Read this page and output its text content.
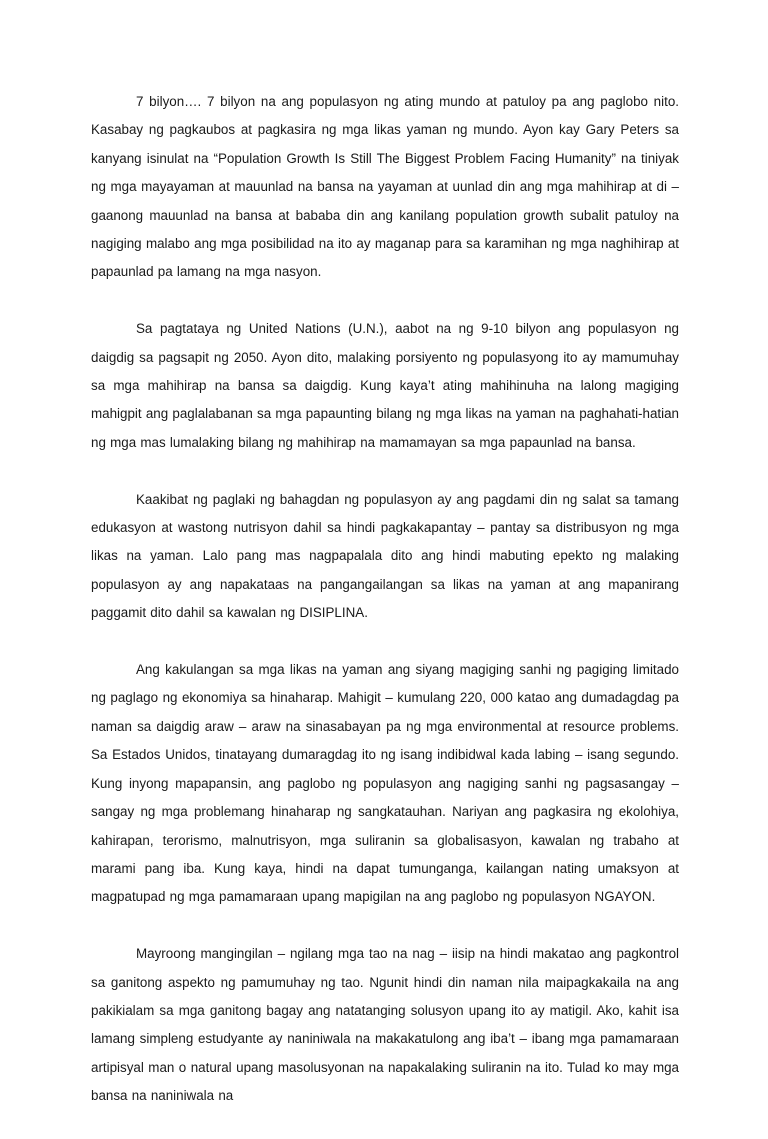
7 bilyon…. 7 bilyon na ang populasyon ng ating mundo at patuloy pa ang paglobo nito. Kasabay ng pagkaubos at pagkasira ng mga likas yaman ng mundo. Ayon kay Gary Peters sa kanyang isinulat na “Population Growth Is Still The Biggest Problem Facing Humanity” na tiniyak ng mga mayayaman at mauunlad na bansa na yayaman at uunlad din ang mga mahihirap at di – gaanong mauunlad na bansa at bababa din ang kanilang population growth subalit patuloy na nagiging malabo ang mga posibilidad na ito ay maganap para sa karamihan ng mga naghihirap at papaunlad pa lamang na mga nasyon.

Sa pagtataya ng United Nations (U.N.), aabot na ng 9-10 bilyon ang populasyon ng daigdig sa pagsapit ng 2050. Ayon dito, malaking porsiyento ng populasyong ito ay mamumuhay sa mga mahihirap na bansa sa daigdig. Kung kaya’t ating mahihinuha na lalong magiging mahigpit ang paglalabanan sa mga papaunting bilang ng mga likas na yaman na paghahati-hatian ng mga mas lumalaking bilang ng mahihirap na mamamayan sa mga papaunlad na bansa.

Kaakibat ng paglaki ng bahagdan ng populasyon ay ang pagdami din ng salat sa tamang edukasyon at wastong nutrisyon dahil sa hindi pagkakapantay – pantay sa distribusyon ng mga likas na yaman. Lalo pang mas nagpapalala dito ang hindi mabuting epekto ng malaking populasyon ay ang napakataas na pangangailangan sa likas na yaman at ang mapanirang paggamit dito dahil sa kawalan ng DISIPLINA.

Ang kakulangan sa mga likas na yaman ang siyang magiging sanhi ng pagiging limitado ng paglago ng ekonomiya sa hinaharap. Mahigit – kumulang 220, 000 katao ang dumadagdag pa naman sa daigdig araw – araw na sinasabayan pa ng mga environmental at resource problems. Sa Estados Unidos, tinatayang dumaragdag ito ng isang indibidwal kada labing – isang segundo. Kung inyong mapapansin, ang paglobo ng populasyon ang nagiging sanhi ng pagsasangay – sangay ng mga problemang hinaharap ng sangkatauhan. Nariyan ang pagkasira ng ekolohiya, kahirapan, terorismo, malnutrisyon, mga suliranin sa globalisasyon, kawalan ng trabaho at marami pang iba. Kung kaya, hindi na dapat tumunganga, kailangan nating umaksyon at magpatupad ng mga pamamaraan upang mapigilan na ang paglobo ng populasyon NGAYON.

Mayroong mangingilan – ngilang mga tao na nag – iisip na hindi makatao ang pagkontrol sa ganitong aspekto ng pamumuhay ng tao. Ngunit hindi din naman nila maipagkakaila na ang pakikialam sa mga ganitong bagay ang natatanging solusyon upang ito ay matigil. Ako, kahit isa lamang simpleng estudyante ay naniniwala na makakatulong ang iba’t – ibang mga pamamaraan artipisyal man o natural upang masolusyonan na napakalaking suliranin na ito. Tulad ko may mga bansa na naniniwala na
